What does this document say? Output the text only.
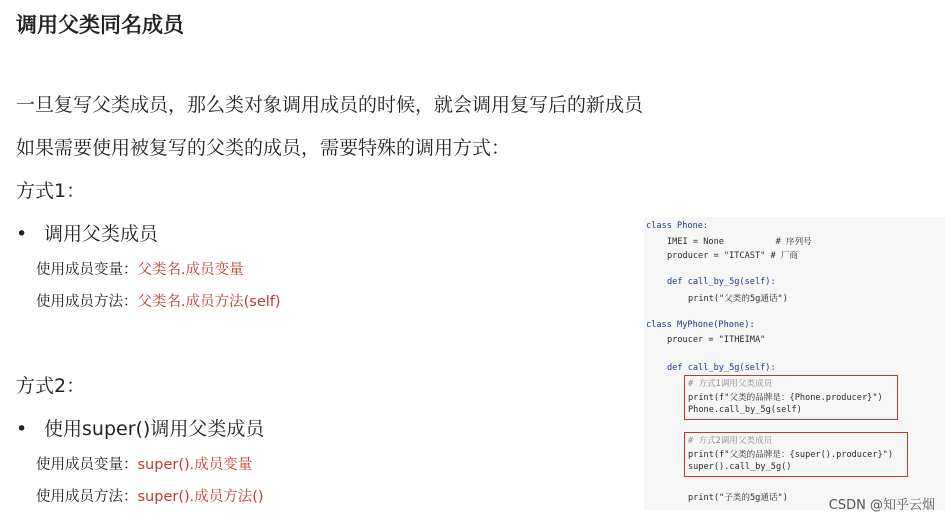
调用父类同名成员
一旦复写父类成员，那么类对象调用成员的时候，就会调用复写后的新成员
如果需要使用被复写的父类的成员，需要特殊的调用方式：
方式1：
• 调用父类成员
使用成员变量：父类名.成员变量
使用成员方法：父类名.成员方法(self)
方式2：
• 使用super()调用父类成员
使用成员变量：super().成员变量
使用成员方法：super().成员方法()
class Phone:
IMEI = None          # 序列号
producer = "ITCAST" # 厂商
def call_by_5g(self):
print("父类的5g通话")
class MyPhone(Phone):
proucer = "ITHEIMA"
def call_by_5g(self):
# 方式1调用父类成员
print(f"父类的品牌是：{Phone.producer}")
Phone.call_by_5g(self)
# 方式2调用父类成员
print(f"父类的品牌是：{super().producer}")
super().call_by_5g()
print("子类的5g通话")	CSDN @知乎云烟
